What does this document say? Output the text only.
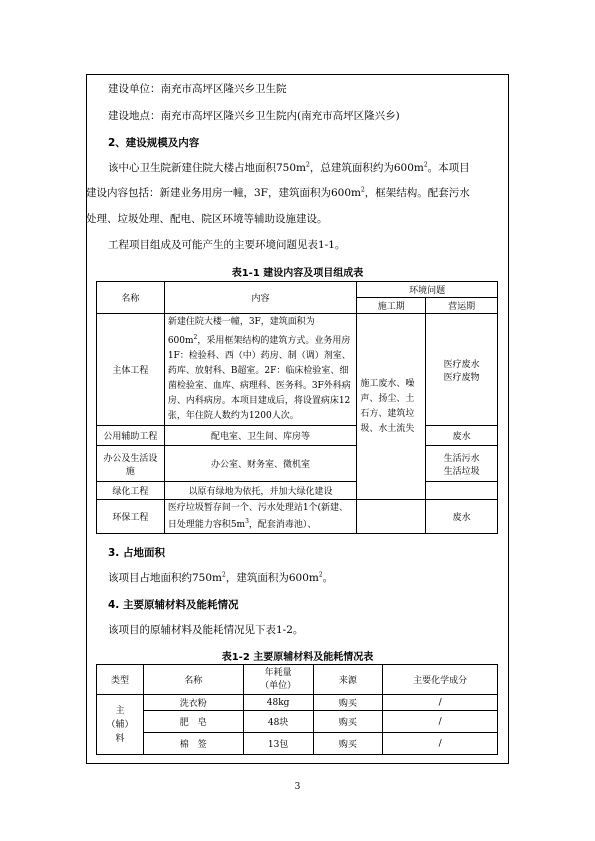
建设单位：南充市高坪区隆兴乡卫生院
建设地点：南充市高坪区隆兴乡卫生院内(南充市高坪区隆兴乡)
2、建设规模及内容
该中心卫生院新建住院大楼占地面积$750m^2$，总建筑面积约为$600m^2$。本项目
建设内容包括：新建业务用房一幢，3F，建筑面积为$600m^2$，框架结构。配套污水
处理、垃圾处理、配电、院区环境等辅助设施建设。
工程项目组成及可能产生的主要环境问题见表1-1。
表1-1 建设内容及项目组成表
名称	内容	环境问题	
		施工期	营运期
主体工程	新建住院大楼一幢，3F，建筑面积为$600m^2$，采用框架结构的建筑方式。业务用房1F：检验科、西（中）药房、制（调）剂室、药库、放射科、B超室。2F：临床检验室、细菌检验室、血库、病理科、医务科。3F外科病房、内科病房。本项目建成后，将设置病床12张，年住院人数约为1200人次。	施工废水、噪声、扬尘、土石方、建筑垃圾、水土流失	医疗废水
医疗废物
公用辅助工程	配电室、卫生间、库房等		废水
办公及生活设施	办公室、财务室、微机室		生活污水
生活垃圾
绿化工程	以原有绿地为依托，并加大绿化建设		
环保工程	医疗垃圾暂存间一个、污水处理站1个(新建、日处理能力容积$5m^3$，配套消毒池）、		废水
3. 占地面积
该项目占地面积约$750m^2$，建筑面积为$600m^2$。
4. 主要原辅材料及能耗情况
该项目的原辅材料及能耗情况见下表1-2。
表1-2 主要原辅材料及能耗情况表
类型	名称	年耗量
（单位）	来源	主要化学成分
主
（辅）
料	洗衣粉	48kg	购买	/
	肥　皂	48块	购买	/
	棉　签	13包	购买	/
3
